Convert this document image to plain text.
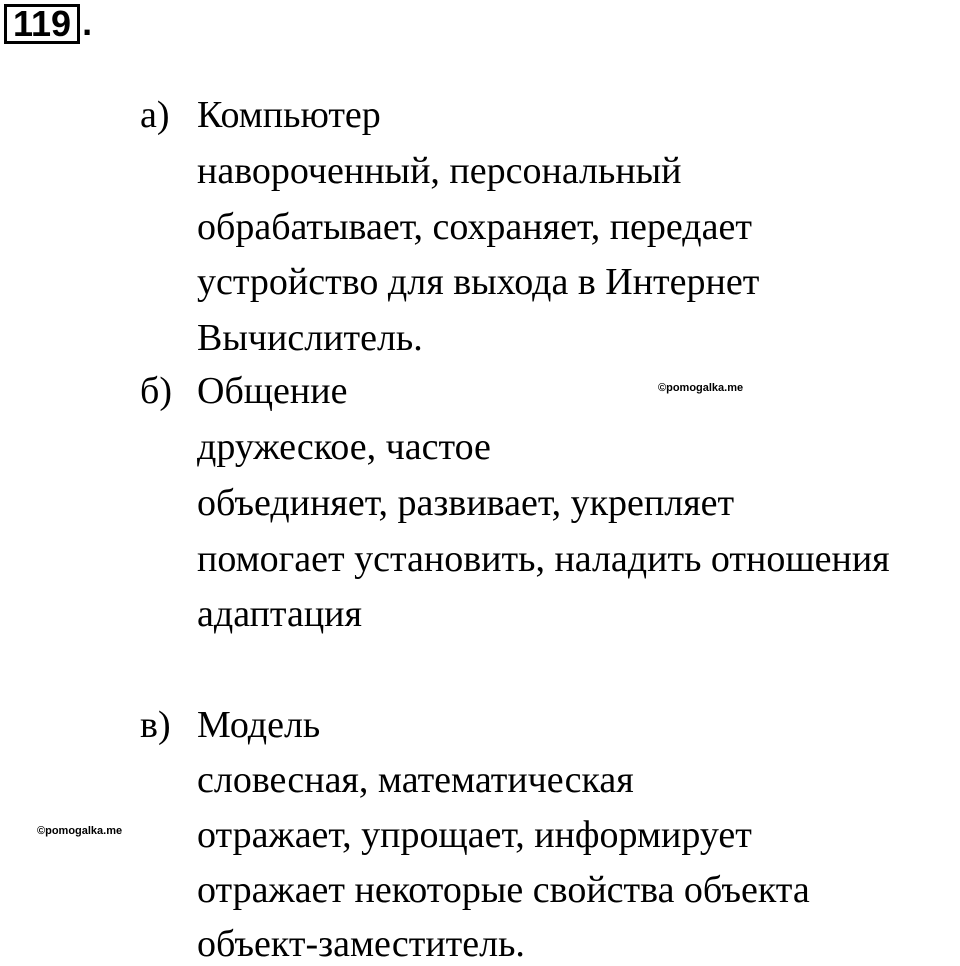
119 .
а) Компьютер
навороченный, персональный
обрабатывает, сохраняет, передает
устройство для выхода в Интернет
Вычислитель.
б) Общение
дружеское, частое
объединяет, развивает, укрепляет
помогает установить, наладить отношения
адаптация
в) Модель
словесная, математическая
отражает, упрощает, информирует
отражает некоторые свойства объекта
объект-заместитель.
©pomogalka.me
©pomogalka.me
